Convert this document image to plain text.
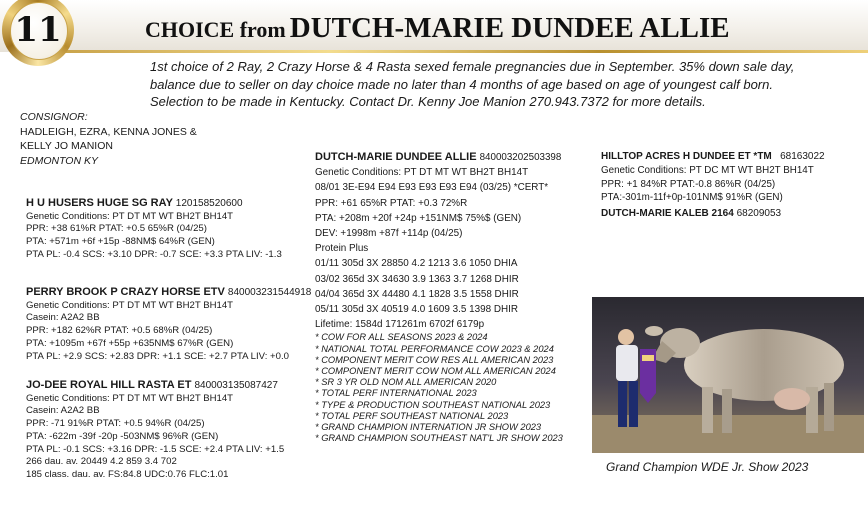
11	CHOICE from DUTCH-MARIE DUNDEE ALLIE
1st choice of 2 Ray, 2 Crazy Horse & 4 Rasta sexed female pregnancies due in September. 35% down sale day,
balance due to seller on day choice made no later than 4 months of age based on age of youngest calf born.
Selection to be made in Kentucky. Contact Dr. Kenny Joe Manion 270.943.7372 for more details.
CONSIGNOR:
HADLEIGH, EZRA, KENNA JONES &
KELLY JO MANION
EDMONTON KY
H U HUSERS HUGE SG RAY 120158520600
Genetic Conditions: PT DT MT WT BH2T BH14T
PPR: +38 61%R PTAT: +0.5 65%R (04/25)
PTA: +571m +6f +15p -88NM$ 64%R (GEN)
PTA PL: -0.4 SCS: +3.10 DPR: -0.7 SCE: +3.3 PTA LIV: -1.3
PERRY BROOK P CRAZY HORSE ETV 840003231544918
Genetic Conditions: PT DT MT WT BH2T BH14T
Casein: A2A2 BB
PPR: +182 62%R PTAT: +0.5 68%R (04/25)
PTA: +1095m +67f +55p +635NM$ 67%R (GEN)
PTA PL: +2.9 SCS: +2.83 DPR: +1.1 SCE: +2.7 PTA LIV: +0.0
JO-DEE ROYAL HILL RASTA ET 840003135087427
Genetic Conditions: PT DT MT WT BH2T BH14T
Casein: A2A2 BB
PPR: -71 91%R PTAT: +0.5 94%R (04/25)
PTA: -622m -39f -20p -503NM$ 96%R (GEN)
PTA PL: -0.1 SCS: +3.16 DPR: -1.5 SCE: +2.4 PTA LIV: +1.5
266 dau. av. 20449 4.2 859 3.4 702
185 class. dau. av. FS:84.8 UDC:0.76 FLC:1.01
DUTCH-MARIE DUNDEE ALLIE 840003202503398
Genetic Conditions: PT DT MT WT BH2T BH14T
08/01 3E-E94 E94 E93 E93 E93 E94 (03/25) *CERT*
PPR: +61 65%R PTAT: +0.3 72%R
PTA: +208m +20f +24p +151NM$ 75%$ (GEN)
DEV: +1998m +87f +114p (04/25)
Protein Plus
01/11 305d 3X 28850 4.2 1213 3.6 1050 DHIA
03/02 365d 3X 34630 3.9 1363 3.7 1268 DHIR
04/04 365d 3X 44480 4.1 1828 3.5 1558 DHIR
05/11 305d 3X 40519 4.0 1609 3.5 1398 DHIR
Lifetime: 1584d 171261m 6702f 6179p
* COW FOR ALL SEASONS 2023 & 2024
* NATIONAL TOTAL PERFORMANCE COW 2023 & 2024
* COMPONENT MERIT COW RES ALL AMERICAN 2023
* COMPONENT MERIT COW NOM ALL AMERICAN 2024
* SR 3 YR OLD NOM ALL AMERICAN 2020
* TOTAL PERF INTERNATIONAL 2023
* TYPE & PRODUCTION SOUTHEAST NATIONAL 2023
* TOTAL PERF SOUTHEAST NATIONAL 2023
* GRAND CHAMPION INTERNATION JR SHOW 2023
* GRAND CHAMPION SOUTHEAST NAT'L JR SHOW 2023
HILLTOP ACRES H DUNDEE ET *TM 68163022
Genetic Conditions: PT DC MT WT BH2T BH14T
PPR: +1 84%R PTAT:-0.8 86%R (04/25)
PTA:-301m-11f+0p-101NM$ 91%R (GEN)
DUTCH-MARIE KALEB 2164 68209053
Grand Champion WDE Jr. Show 2023
